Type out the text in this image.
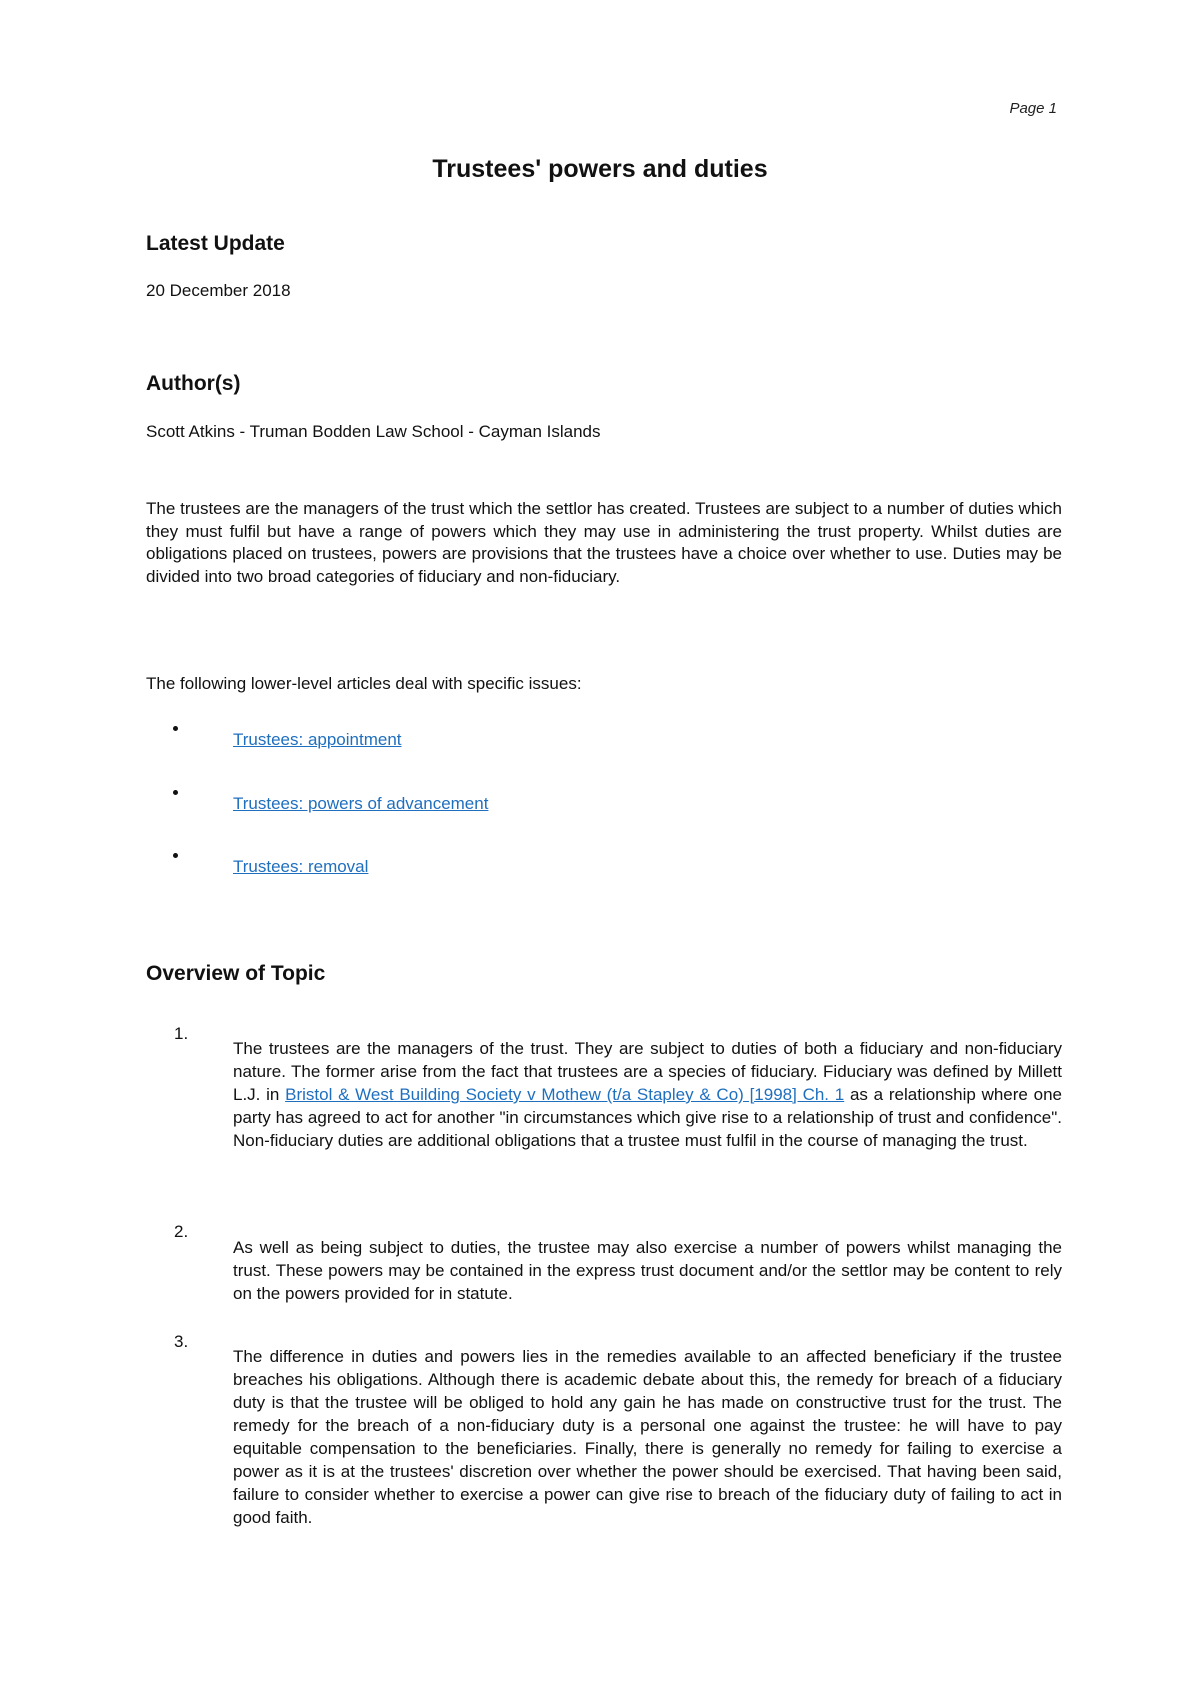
Page 1
Trustees' powers and duties
Latest Update

20 December 2018

Author(s)

Scott Atkins - Truman Bodden Law School - Cayman Islands

The trustees are the managers of the trust which the settlor has created. Trustees are subject to a number of duties which they must fulfil but have a range of powers which they may use in administering the trust property. Whilst duties are obligations placed on trustees, powers are provisions that the trustees have a choice over whether to use. Duties may be divided into two broad categories of fiduciary and non-fiduciary.

The following lower-level articles deal with specific issues:

Trustees: appointment
Trustees: powers of advancement
Trustees: removal
Overview of Topic
1.

The trustees are the managers of the trust. They are subject to duties of both a fiduciary and non-fiduciary nature. The former arise from the fact that trustees are a species of fiduciary. Fiduciary was defined by Millett L.J. in Bristol & West Building Society v Mothew (t/a Stapley & Co) [1998] Ch. 1 as a relationship where one party has agreed to act for another "in circumstances which give rise to a relationship of trust and confidence". Non-fiduciary duties are additional obligations that a trustee must fulfil in the course of managing the trust.

2.

As well as being subject to duties, the trustee may also exercise a number of powers whilst managing the trust. These powers may be contained in the express trust document and/or the settlor may be content to rely on the powers provided for in statute.

3.

The difference in duties and powers lies in the remedies available to an affected beneficiary if the trustee breaches his obligations. Although there is academic debate about this, the remedy for breach of a fiduciary duty is that the trustee will be obliged to hold any gain he has made on constructive trust for the trust. The remedy for the breach of a non-fiduciary duty is a personal one against the trustee: he will have to pay equitable compensation to the beneficiaries. Finally, there is generally no remedy for failing to exercise a power as it is at the trustees' discretion over whether the power should be exercised. That having been said, failure to consider whether to exercise a power can give rise to breach of the fiduciary duty of failing to act in good faith.
